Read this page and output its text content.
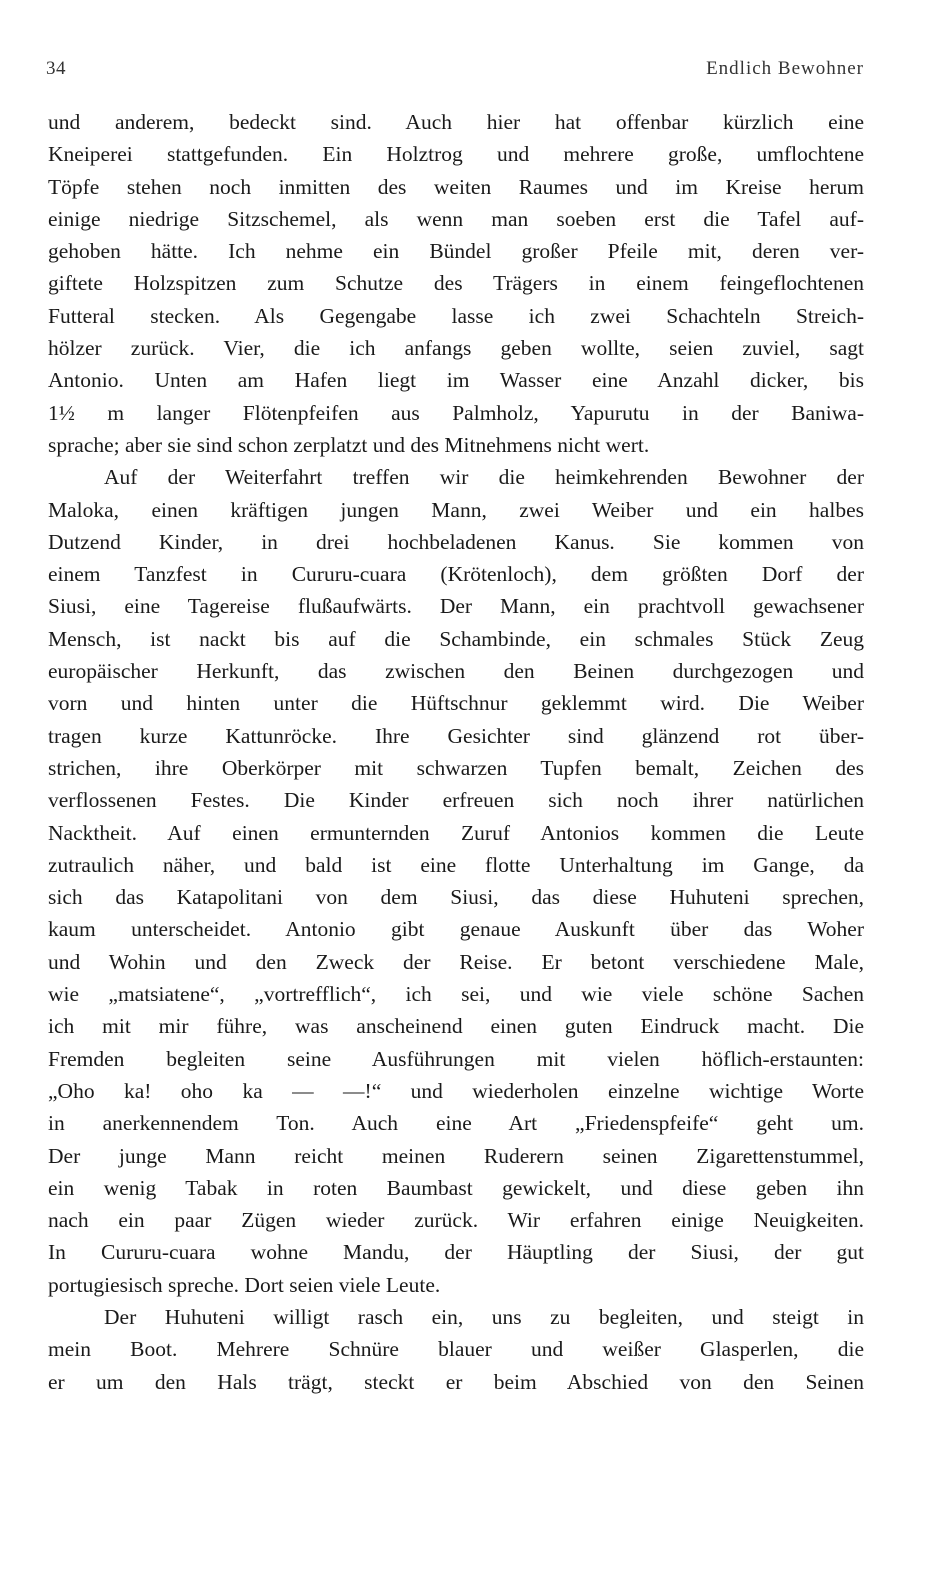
34	Endlich Bewohner
und anderem, bedeckt sind. Auch hier hat offenbar kürzlich eine
Kneiperei stattgefunden. Ein Holztrog und mehrere große, umflochtene
Töpfe stehen noch inmitten des weiten Raumes und im Kreise herum
einige niedrige Sitzschemel, als wenn man soeben erst die Tafel auf-
gehoben hätte. Ich nehme ein Bündel großer Pfeile mit, deren ver-
giftete Holzspitzen zum Schutze des Trägers in einem feingeflochtenen
Futteral stecken. Als Gegengabe lasse ich zwei Schachteln Streich-
hölzer zurück. Vier, die ich anfangs geben wollte, seien zuviel, sagt
Antonio. Unten am Hafen liegt im Wasser eine Anzahl dicker, bis
1½ m langer Flötenpfeifen aus Palmholz, Yapurutu in der Baniwa-
sprache; aber sie sind schon zerplatzt und des Mitnehmens nicht wert.
Auf der Weiterfahrt treffen wir die heimkehrenden Bewohner der
Maloka, einen kräftigen jungen Mann, zwei Weiber und ein halbes
Dutzend Kinder, in drei hochbeladenen Kanus. Sie kommen von
einem Tanzfest in Cururu-cuara (Krötenloch), dem größten Dorf der
Siusi, eine Tagereise flußaufwärts. Der Mann, ein prachtvoll gewachsener
Mensch, ist nackt bis auf die Schambinde, ein schmales Stück Zeug
europäischer Herkunft, das zwischen den Beinen durchgezogen und
vorn und hinten unter die Hüftschnur geklemmt wird. Die Weiber
tragen kurze Kattunröcke. Ihre Gesichter sind glänzend rot über-
strichen, ihre Oberkörper mit schwarzen Tupfen bemalt, Zeichen des
verflossenen Festes. Die Kinder erfreuen sich noch ihrer natürlichen
Nacktheit. Auf einen ermunternden Zuruf Antonios kommen die Leute
zutraulich näher, und bald ist eine flotte Unterhaltung im Gange, da
sich das Katapolitani von dem Siusi, das diese Huhuteni sprechen,
kaum unterscheidet. Antonio gibt genaue Auskunft über das Woher
und Wohin und den Zweck der Reise. Er betont verschiedene Male,
wie „matsiatene“, „vortrefflich“, ich sei, und wie viele schöne Sachen
ich mit mir führe, was anscheinend einen guten Eindruck macht. Die
Fremden begleiten seine Ausführungen mit vielen höflich-erstaunten:
„Oho ka! oho ka — —!“ und wiederholen einzelne wichtige Worte
in anerkennendem Ton. Auch eine Art „Friedenspfeife“ geht um.
Der junge Mann reicht meinen Ruderern seinen Zigarettenstummel,
ein wenig Tabak in roten Baumbast gewickelt, und diese geben ihn
nach ein paar Zügen wieder zurück. Wir erfahren einige Neuigkeiten.
In Cururu-cuara wohne Mandu, der Häuptling der Siusi, der gut
portugiesisch spreche. Dort seien viele Leute.
Der Huhuteni willigt rasch ein, uns zu begleiten, und steigt in
mein Boot. Mehrere Schnüre blauer und weißer Glasperlen, die
er um den Hals trägt, steckt er beim Abschied von den Seinen
